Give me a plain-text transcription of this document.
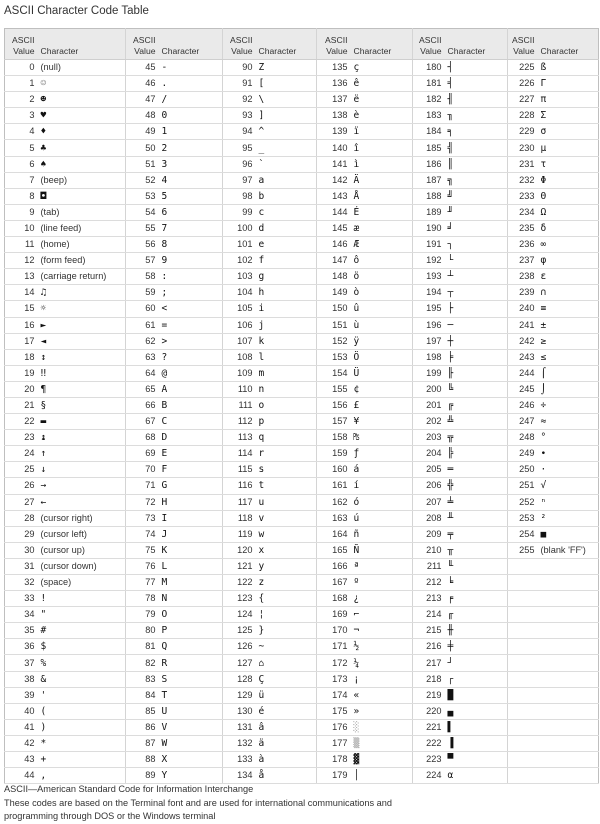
ASCII Character Code Table
ASCII
Value	Character	
ASCII
Value	Character	
ASCII
Value	Character	
ASCII
Value	Character	
ASCII
Value	Character	
ASCII
Value	Character
0	(null)	45	-	90	Z	135	ç	180	┤	225	ß
1	☺	46	.	91	[	136	ê	181	╡	226	Γ
2	☻	47	/	92	\	137	ë	182	╢	227	π
3	♥	48	0	93	]	138	è	183	╖	228	Σ
4	♦	49	1	94	^	139	ï	184	╕	229	σ
5	♣	50	2	95	_	140	î	185	╣	230	µ
6	♠	51	3	96	`	141	ì	186	║	231	τ
7	(beep)	52	4	97	a	142	Ä	187	╗	232	Φ
8	◘	53	5	98	b	143	Å	188	╝	233	Θ
9	(tab)	54	6	99	c	144	É	189	╜	234	Ω
10	(line feed)	55	7	100	d	145	æ	190	╛	235	δ
11	(home)	56	8	101	e	146	Æ	191	┐	236	∞
12	(form feed)	57	9	102	f	147	ô	192	└	237	φ
13	(carriage return)	58	:	103	g	148	ö	193	┴	238	ε
14	♫	59	;	104	h	149	ò	194	┬	239	∩
15	☼	60	<	105	i	150	û	195	├	240	≡
16	►	61	=	106	j	151	ù	196	─	241	±
17	◄	62	>	107	k	152	ÿ	197	┼	242	≥
18	↕	63	?	108	l	153	Ö	198	╞	243	≤
19	‼	64	@	109	m	154	Ü	199	╟	244	⌠
20	¶	65	A	110	n	155	¢	200	╚	245	⌡
21	§	66	B	111	o	156	£	201	╔	246	÷
22	▬	67	C	112	p	157	¥	202	╩	247	≈
23	↨	68	D	113	q	158	₧	203	╦	248	°
24	↑	69	E	114	r	159	ƒ	204	╠	249	∙
25	↓	70	F	115	s	160	á	205	═	250	·
26	→	71	G	116	t	161	í	206	╬	251	√
27	←	72	H	117	u	162	ó	207	╧	252	ⁿ
28	(cursor right)	73	I	118	v	163	ú	208	╨	253	²
29	(cursor left)	74	J	119	w	164	ñ	209	╤	254	■
30	(cursor up)	75	K	120	x	165	Ñ	210	╥	255	(blank 'FF')
31	(cursor down)	76	L	121	y	166	ª	211	╙		
32	(space)	77	M	122	z	167	º	212	╘		
33	!	78	N	123	{	168	¿	213	╒		
34	"	79	O	124	¦	169	⌐	214	╓		
35	#	80	P	125	}	170	¬	215	╫		
36	$	81	Q	126	~	171	½	216	╪		
37	%	82	R	127	⌂	172	¼	217	┘		
38	&	83	S	128	Ç	173	¡	218	┌		
39	'	84	T	129	ü	174	«	219	█		
40	(	85	U	130	é	175	»	220	▄		
41	)	86	V	131	â	176	░	221	▌		
42	*	87	W	132	ä	177	▒	222	▐		
43	+	88	X	133	à	178	▓	223	▀		
44	,	89	Y	134	å	179	│	224	α		
ASCII—American Standard Code for Information Interchange
These codes are based on the Terminal font and are used for international communications and
programming through DOS or the Windows terminal
